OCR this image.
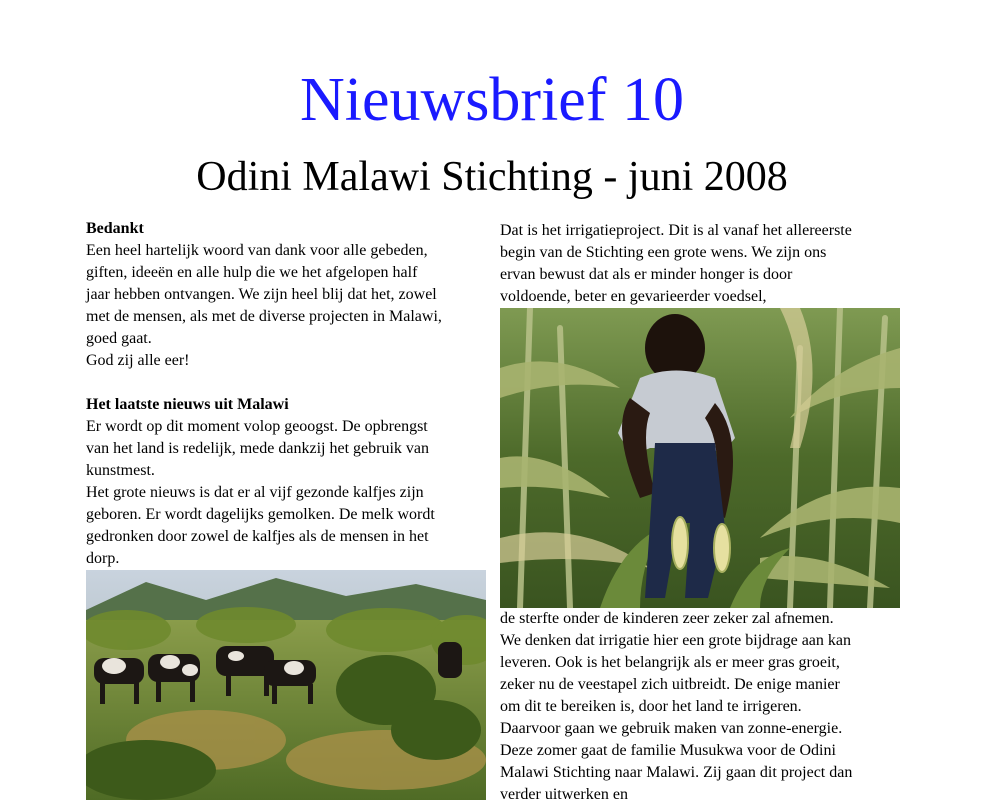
Nieuwsbrief 10
Odini Malawi Stichting - juni 2008
Bedankt
Een heel hartelijk woord van dank voor alle gebeden,
giften, ideeën en alle hulp die we het afgelopen half
jaar hebben ontvangen. We zijn heel blij dat het, zowel
met de mensen, als met de diverse projecten in Malawi,
goed gaat.
God zij alle eer!
Het laatste nieuws uit Malawi
Er wordt op dit moment volop geoogst. De opbrengst
van het land is redelijk, mede dankzij het gebruik van
kunstmest.
Het grote nieuws is dat er al vijf gezonde kalfjes zijn
geboren. Er wordt dagelijks gemolken. De melk wordt
gedronken door zowel de kalfjes als de mensen in het
dorp.
Dat is het irrigatieproject. Dit is al vanaf het allereerste
begin van de Stichting een grote wens. We zijn ons
ervan bewust dat als er minder honger is door
voldoende, beter en gevarieerder voedsel,
de sterfte onder de kinderen zeer zeker zal afnemen.
We denken dat irrigatie hier een grote bijdrage aan kan
leveren. Ook is het belangrijk als er meer gras groeit,
zeker nu de veestapel zich uitbreidt. De enige manier
om dit te bereiken is, door het land te irrigeren.
Daarvoor gaan we gebruik maken van zonne-energie.
Deze zomer gaat de familie Musukwa voor de Odini
Malawi Stichting naar Malawi. Zij gaan dit project dan
verder uitwerken en
